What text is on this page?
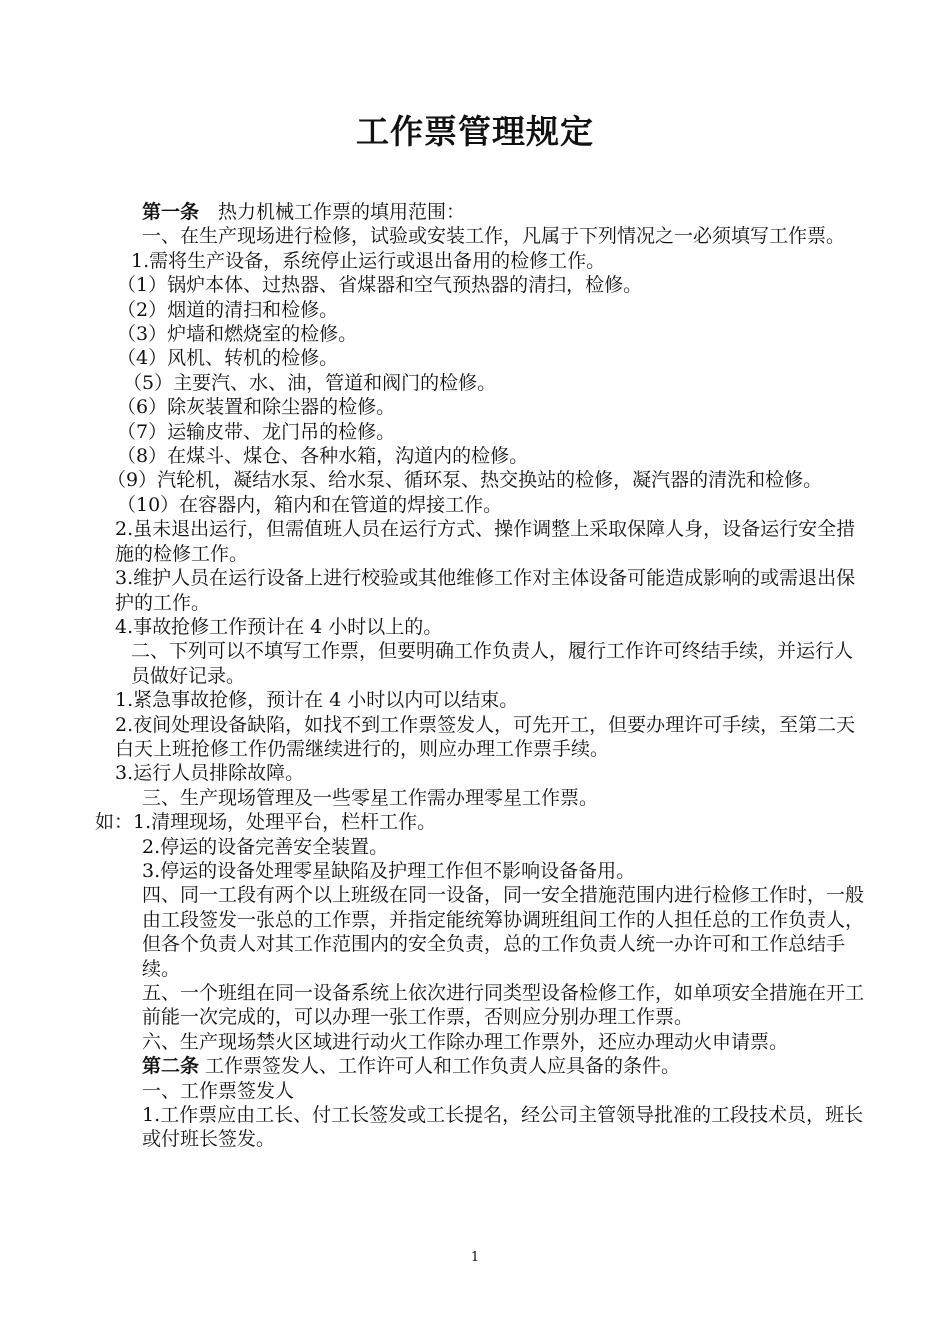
工作票管理规定
第一条　热力机械工作票的填用范围：
一、在生产现场进行检修，试验或安装工作，凡属于下列情况之一必须填写工作票。
1.需将生产设备，系统停止运行或退出备用的检修工作。
（1）锅炉本体、过热器、省煤器和空气预热器的清扫，检修。
（2）烟道的清扫和检修。
（3）炉墙和燃烧室的检修。
（4）风机、转机的检修。
（5）主要汽、水、油，管道和阀门的检修。
（6）除灰装置和除尘器的检修。
（7）运输皮带、龙门吊的检修。
（8）在煤斗、煤仓、各种水箱，沟道内的检修。
（9）汽轮机，凝结水泵、给水泵、循环泵、热交换站的检修，凝汽器的清洗和检修。
（10）在容器内，箱内和在管道的焊接工作。
2.虽未退出运行，但需值班人员在运行方式、操作调整上采取保障人身，设备运行安全措施的检修工作。
3.维护人员在运行设备上进行校验或其他维修工作对主体设备可能造成影响的或需退出保护的工作。
4.事故抢修工作预计在 4 小时以上的。
二、下列可以不填写工作票，但要明确工作负责人，履行工作许可终结手续，并运行人员做好记录。
1.紧急事故抢修，预计在 4 小时以内可以结束。
2.夜间处理设备缺陷，如找不到工作票签发人，可先开工，但要办理许可手续，至第二天白天上班抢修工作仍需继续进行的，则应办理工作票手续。
3.运行人员排除故障。
三、生产现场管理及一些零星工作需办理零星工作票。
如：1.清理现场，处理平台，栏杆工作。
2.停运的设备完善安全装置。
3.停运的设备处理零星缺陷及护理工作但不影响设备备用。
四、同一工段有两个以上班级在同一设备，同一安全措施范围内进行检修工作时，一般由工段签发一张总的工作票，并指定能统筹协调班组间工作的人担任总的工作负责人，但各个负责人对其工作范围内的安全负责，总的工作负责人统一办许可和工作总结手续。
五、一个班组在同一设备系统上依次进行同类型设备检修工作，如单项安全措施在开工前能一次完成的，可以办理一张工作票，否则应分别办理工作票。
六、生产现场禁火区域进行动火工作除办理工作票外，还应办理动火申请票。
第二条 工作票签发人、工作许可人和工作负责人应具备的条件。
一、工作票签发人
1.工作票应由工长、付工长签发或工长提名，经公司主管领导批准的工段技术员，班长或付班长签发。
1
